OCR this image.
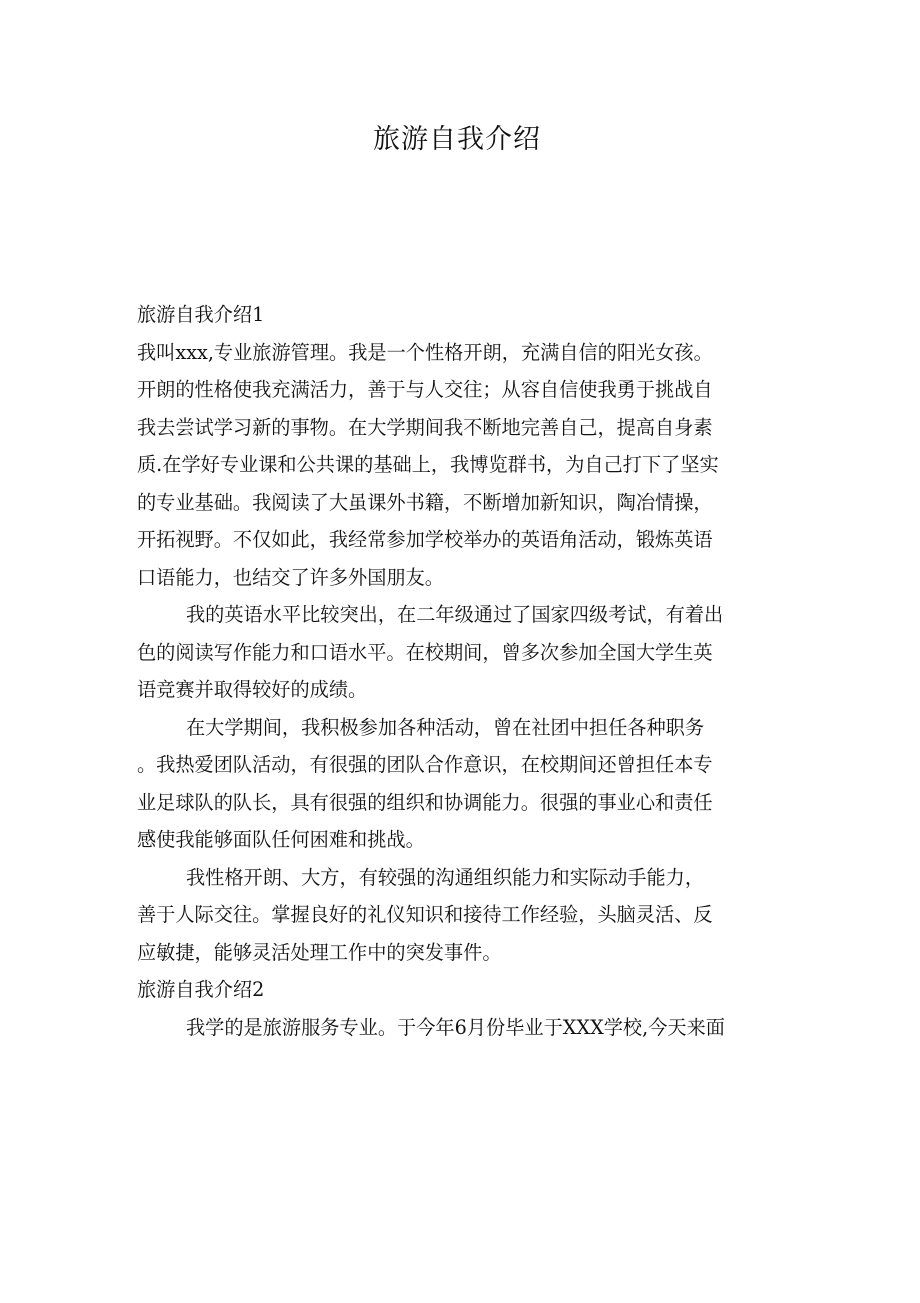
旅游自我介绍

旅游自我介绍1

我叫xxx,专业旅游管理。我是一个性格开朗，充满自信的阳光女孩。

开朗的性格使我充满活力，善于与人交往；从容自信使我勇于挑战自

我去尝试学习新的事物。在大学期间我不断地完善自己，提高自身素

质.在学好专业课和公共课的基础上，我博览群书，为自己打下了坚实

的专业基础。我阅读了大虽课外书籍，不断增加新知识，陶冶情操，

开拓视野。不仅如此，我经常参加学校举办的英语角活动，锻炼英语

口语能力，也结交了许多外国朋友。

我的英语水平比较突出，在二年级通过了国家四级考试，有着出

色的阅读写作能力和口语水平。在校期间，曾多次参加全国大学生英

语竞赛并取得较好的成绩。

在大学期间，我积极参加各种活动，曾在社团中担任各种职务

。我热爱团队活动，有很强的团队合作意识，在校期间还曾担任本专

业足球队的队长，具有很强的组织和协调能力。很强的事业心和责任

感使我能够面队任何困难和挑战。

我性格开朗、大方，有较强的沟通组织能力和实际动手能力，

善于人际交往。掌握良好的礼仪知识和接待工作经验，头脑灵活、反

应敏捷，能够灵活处理工作中的突发事件。

旅游自我介绍2

我学的是旅游服务专业。于今年6月份毕业于XXX学校,今天来面
